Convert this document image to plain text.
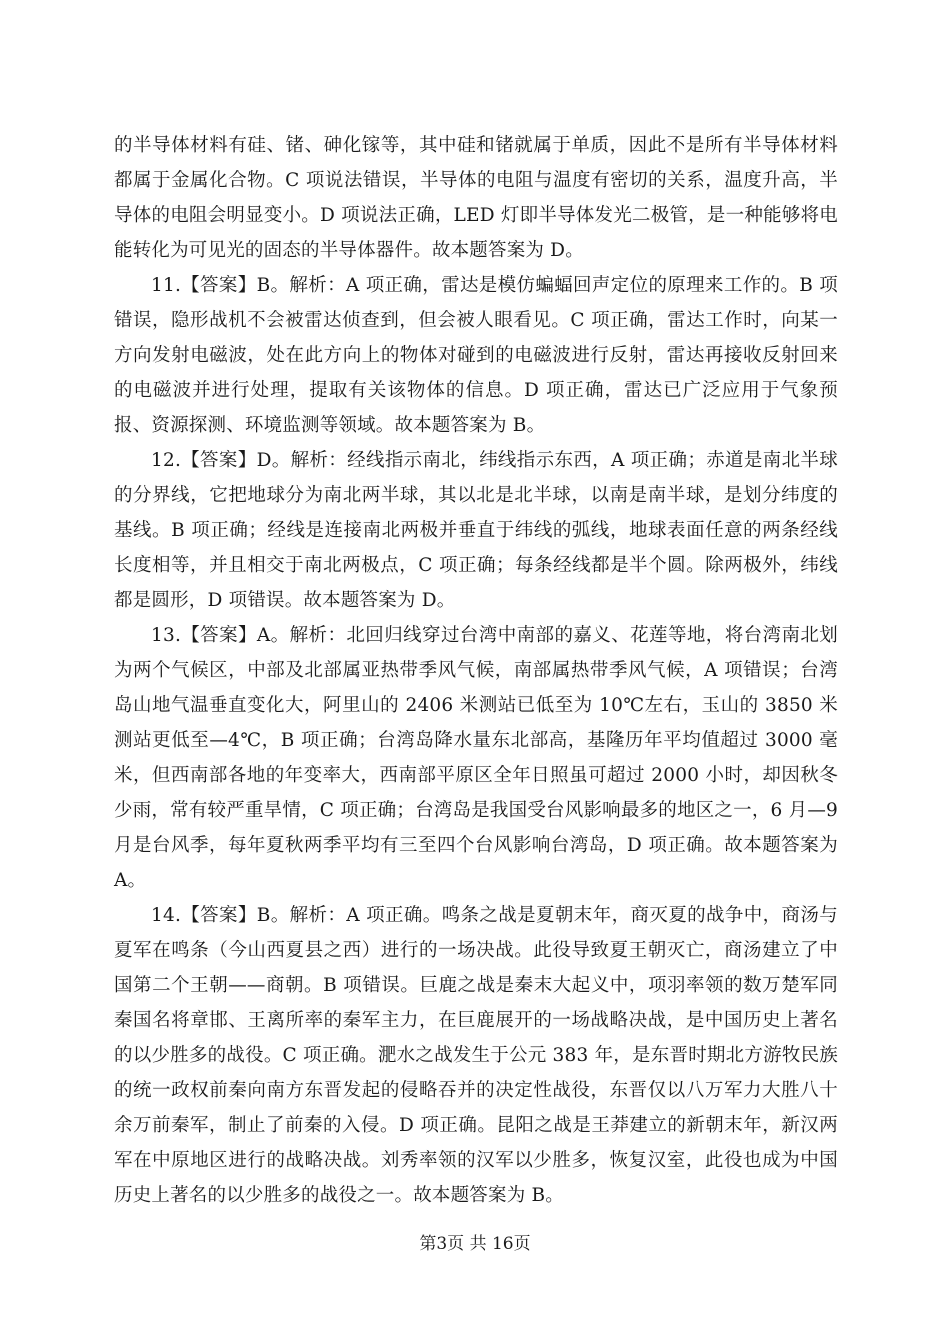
的半导体材料有硅、锗、砷化镓等，其中硅和锗就属于单质，因此不是所有半导体材料都属于金属化合物。C 项说法错误，半导体的电阻与温度有密切的关系，温度升高，半导体的电阻会明显变小。D 项说法正确，LED 灯即半导体发光二极管，是一种能够将电能转化为可见光的固态的半导体器件。故本题答案为 D。

11.【答案】B。解析：A 项正确，雷达是模仿蝙蝠回声定位的原理来工作的。B 项错误，隐形战机不会被雷达侦查到，但会被人眼看见。C 项正确，雷达工作时，向某一方向发射电磁波，处在此方向上的物体对碰到的电磁波进行反射，雷达再接收反射回来的电磁波并进行处理，提取有关该物体的信息。D 项正确，雷达已广泛应用于气象预报、资源探测、环境监测等领域。故本题答案为 B。

12.【答案】D。解析：经线指示南北，纬线指示东西，A 项正确；赤道是南北半球的分界线，它把地球分为南北两半球，其以北是北半球，以南是南半球，是划分纬度的基线。B 项正确；经线是连接南北两极并垂直于纬线的弧线，地球表面任意的两条经线长度相等，并且相交于南北两极点，C 项正确；每条经线都是半个圆。除两极外，纬线都是圆形，D 项错误。故本题答案为 D。

13.【答案】A。解析：北回归线穿过台湾中南部的嘉义、花莲等地，将台湾南北划为两个气候区，中部及北部属亚热带季风气候，南部属热带季风气候，A 项错误；台湾岛山地气温垂直变化大，阿里山的 2406 米测站已低至为 10℃左右，玉山的 3850 米测站更低至—4℃，B 项正确；台湾岛降水量东北部高，基隆历年平均值超过 3000 毫米，但西南部各地的年变率大，西南部平原区全年日照虽可超过 2000 小时，却因秋冬少雨，常有较严重旱情，C 项正确；台湾岛是我国受台风影响最多的地区之一，6 月—9 月是台风季，每年夏秋两季平均有三至四个台风影响台湾岛，D 项正确。故本题答案为 A。

14.【答案】B。解析：A 项正确。鸣条之战是夏朝末年，商灭夏的战争中，商汤与夏军在鸣条（今山西夏县之西）进行的一场决战。此役导致夏王朝灭亡，商汤建立了中国第二个王朝——商朝。B 项错误。巨鹿之战是秦末大起义中，项羽率领的数万楚军同秦国名将章邯、王离所率的秦军主力，在巨鹿展开的一场战略决战，是中国历史上著名的以少胜多的战役。C 项正确。淝水之战发生于公元 383 年，是东晋时期北方游牧民族的统一政权前秦向南方东晋发起的侵略吞并的决定性战役，东晋仅以八万军力大胜八十余万前秦军，制止了前秦的入侵。D 项正确。昆阳之战是王莽建立的新朝末年，新汉两军在中原地区进行的战略决战。刘秀率领的汉军以少胜多，恢复汉室，此役也成为中国历史上著名的以少胜多的战役之一。故本题答案为 B。

第3页 共 16页
